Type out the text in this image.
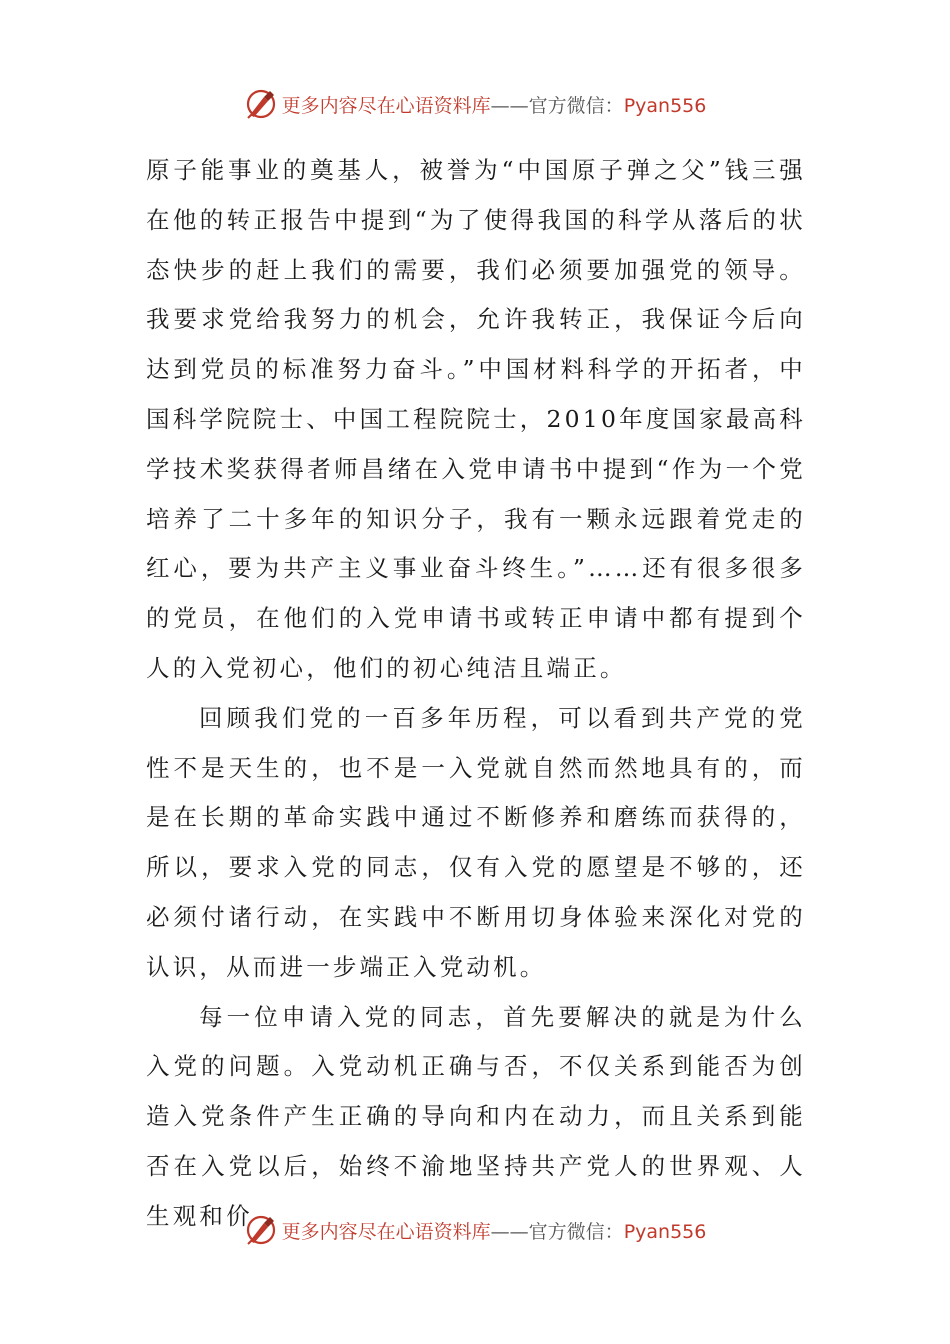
更多内容尽在心语资料库——官方微信：Pyan556

原子能事业的奠基人，被誉为“中国原子弹之父”钱三强在他的转正报告中提到“为了使得我国的科学从落后的状态快步的赶上我们的需要，我们必须要加强党的领导。我要求党给我努力的机会，允许我转正，我保证今后向达到党员的标准努力奋斗。”中国材料科学的开拓者，中国科学院院士、中国工程院院士，2010年度国家最高科学技术奖获得者师昌绪在入党申请书中提到“作为一个党培养了二十多年的知识分子，我有一颗永远跟着党走的红心，要为共产主义事业奋斗终生。”……还有很多很多的党员，在他们的入党申请书或转正申请中都有提到个人的入党初心，他们的初心纯洁且端正。

回顾我们党的一百多年历程，可以看到共产党的党性不是天生的，也不是一入党就自然而然地具有的，而是在长期的革命实践中通过不断修养和磨练而获得的，所以，要求入党的同志，仅有入党的愿望是不够的，还必须付诸行动，在实践中不断用切身体验来深化对党的认识，从而进一步端正入党动机。

每一位申请入党的同志，首先要解决的就是为什么入党的问题。入党动机正确与否，不仅关系到能否为创造入党条件产生正确的导向和内在动力，而且关系到能否在入党以后，始终不渝地坚持共产党人的世界观、人生观和价

更多内容尽在心语资料库——官方微信：Pyan556
